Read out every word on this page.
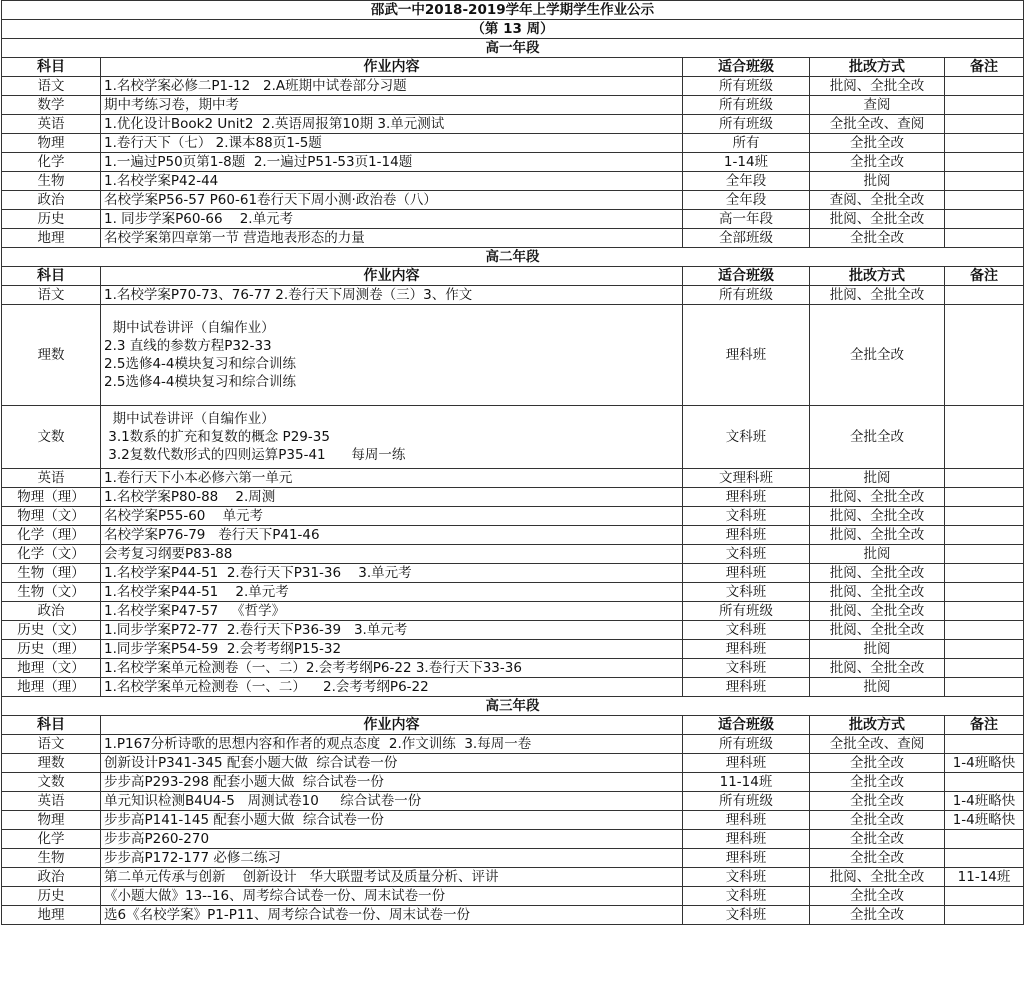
邵武一中2018-2019学年上学期学生作业公示				
（第 13 周）				
高一年段				
科目	作业内容	适合班级	批改方式	备注
语文	1.名校学案必修二P1-12   2.A班期中试卷部分习题	所有班级	批阅、全批全改	
数学	期中考练习卷，期中考	所有班级	查阅	
英语	1.优化设计Book2 Unit2  2.英语周报第10期 3.单元测试	所有班级	全批全改、查阅	
物理	1.卷行天下（七） 2.课本88页1-5题	所有	全批全改	
化学	1.一遍过P50页第1-8题  2.一遍过P51-53页1-14题	1-14班	全批全改	
生物	1.名校学案P42-44	全年段	批阅	
政治	名校学案P56-57 P60-61卷行天下周小测·政治卷（八）	全年段	查阅、全批全改	
历史	1. 同步学案P60-66    2.单元考	高一年段	批阅、全批全改	
地理	名校学案第四章第一节 营造地表形态的力量	全部班级	全批全改	
高二年段				
科目	作业内容	适合班级	批改方式	备注
语文	1.名校学案P70-73、76-77 2.卷行天下周测卷（三）3、作文	所有班级	批阅、全批全改	
理数	期中试卷讲评（自编作业）
2.3 直线的参数方程P32-33
2.5选修4-4模块复习和综合训练
2.5选修4-4模块复习和综合训练	理科班	全批全改	
文数	期中试卷讲评（自编作业）
3.1数系的扩充和复数的概念 P29-35
3.2复数代数形式的四则运算P35-41      每周一练	文科班	全批全改	
英语	1.卷行天下小本必修六第一单元	文理科班	批阅	
物理（理）	1.名校学案P80-88    2.周测	理科班	批阅、全批全改	
物理（文）	名校学案P55-60    单元考	文科班	批阅、全批全改	
化学（理）	名校学案P76-79   卷行天下P41-46	理科班	批阅、全批全改	
化学（文）	会考复习纲要P83-88	文科班	批阅	
生物（理）	1.名校学案P44-51  2.卷行天下P31-36    3.单元考	理科班	批阅、全批全改	
生物（文）	1.名校学案P44-51    2.单元考	文科班	批阅、全批全改	
政治	1.名校学案P47-57   《哲学》	所有班级	批阅、全批全改	
历史（文）	1.同步学案P72-77  2.卷行天下P36-39   3.单元考	文科班	批阅、全批全改	
历史（理）	1.同步学案P54-59  2.会考考纲P15-32	理科班	批阅	
地理（文）	1.名校学案单元检测卷（一、二）2.会考考纲P6-22 3.卷行天下33-36	文科班	批阅、全批全改	
地理（理）	1.名校学案单元检测卷（一、二）    2.会考考纲P6-22	理科班	批阅	
高三年段				
科目	作业内容	适合班级	批改方式	备注
语文	1.P167分析诗歌的思想内容和作者的观点态度  2.作文训练  3.每周一卷	所有班级	全批全改、查阅	
理数	创新设计P341-345 配套小题大做  综合试卷一份	理科班	全批全改	1-4班略快
文数	步步高P293-298 配套小题大做  综合试卷一份	11-14班	全批全改	
英语	单元知识检测B4U4-5   周测试卷10     综合试卷一份	所有班级	全批全改	1-4班略快
物理	步步高P141-145 配套小题大做  综合试卷一份	理科班	全批全改	1-4班略快
化学	步步高P260-270	理科班	全批全改	
生物	步步高P172-177 必修二练习	理科班	全批全改	
政治	第二单元传承与创新    创新设计   华大联盟考试及质量分析、评讲	文科班	批阅、全批全改	11-14班
历史	《小题大做》13--16、周考综合试卷一份、周末试卷一份	文科班	全批全改	
地理	选6《名校学案》P1-P11、周考综合试卷一份、周末试卷一份	文科班	全批全改	
